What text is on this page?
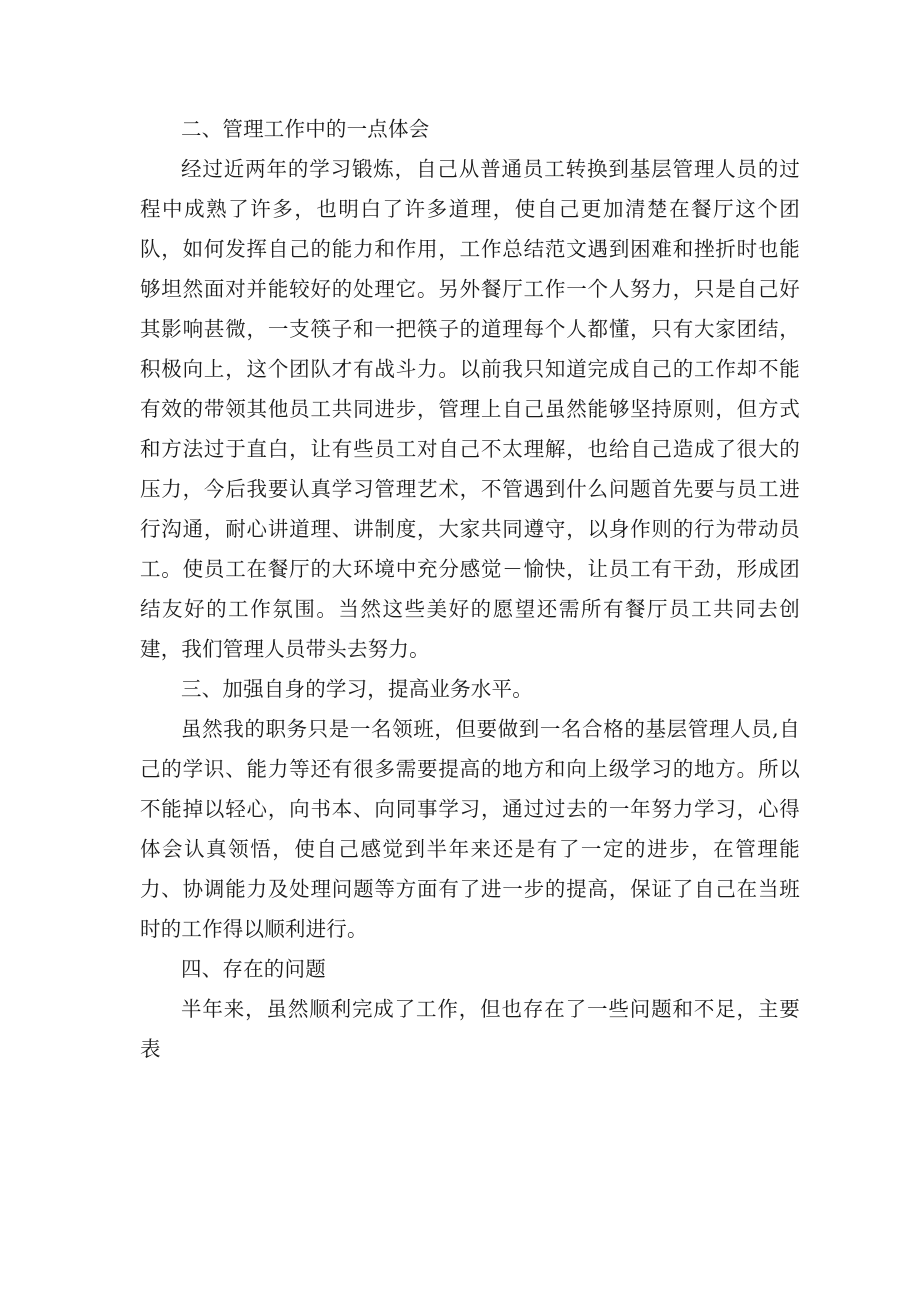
二、管理工作中的一点体会

经过近两年的学习锻炼，自己从普通员工转换到基层管理人员的过程中成熟了许多，也明白了许多道理，使自己更加清楚在餐厅这个团队，如何发挥自己的能力和作用，工作总结范文遇到困难和挫折时也能够坦然面对并能较好的处理它。另外餐厅工作一个人努力，只是自己好其影响甚微，一支筷子和一把筷子的道理每个人都懂，只有大家团结，积极向上，这个团队才有战斗力。以前我只知道完成自己的工作却不能有效的带领其他员工共同进步，管理上自己虽然能够坚持原则，但方式和方法过于直白，让有些员工对自己不太理解，也给自己造成了很大的压力，今后我要认真学习管理艺术，不管遇到什么问题首先要与员工进行沟通，耐心讲道理、讲制度，大家共同遵守，以身作则的行为带动员工。使员工在餐厅的大环境中充分感觉－愉快，让员工有干劲，形成团结友好的工作氛围。当然这些美好的愿望还需所有餐厅员工共同去创建，我们管理人员带头去努力。

三、加强自身的学习，提高业务水平。

虽然我的职务只是一名领班，但要做到一名合格的基层管理人员,自己的学识、能力等还有很多需要提高的地方和向上级学习的地方。所以不能掉以轻心，向书本、向同事学习，通过过去的一年努力学习，心得体会认真领悟，使自己感觉到半年来还是有了一定的进步，在管理能力、协调能力及处理问题等方面有了进一步的提高，保证了自己在当班时的工作得以顺利进行。

四、存在的问题

半年来，虽然顺利完成了工作，但也存在了一些问题和不足，主要表
